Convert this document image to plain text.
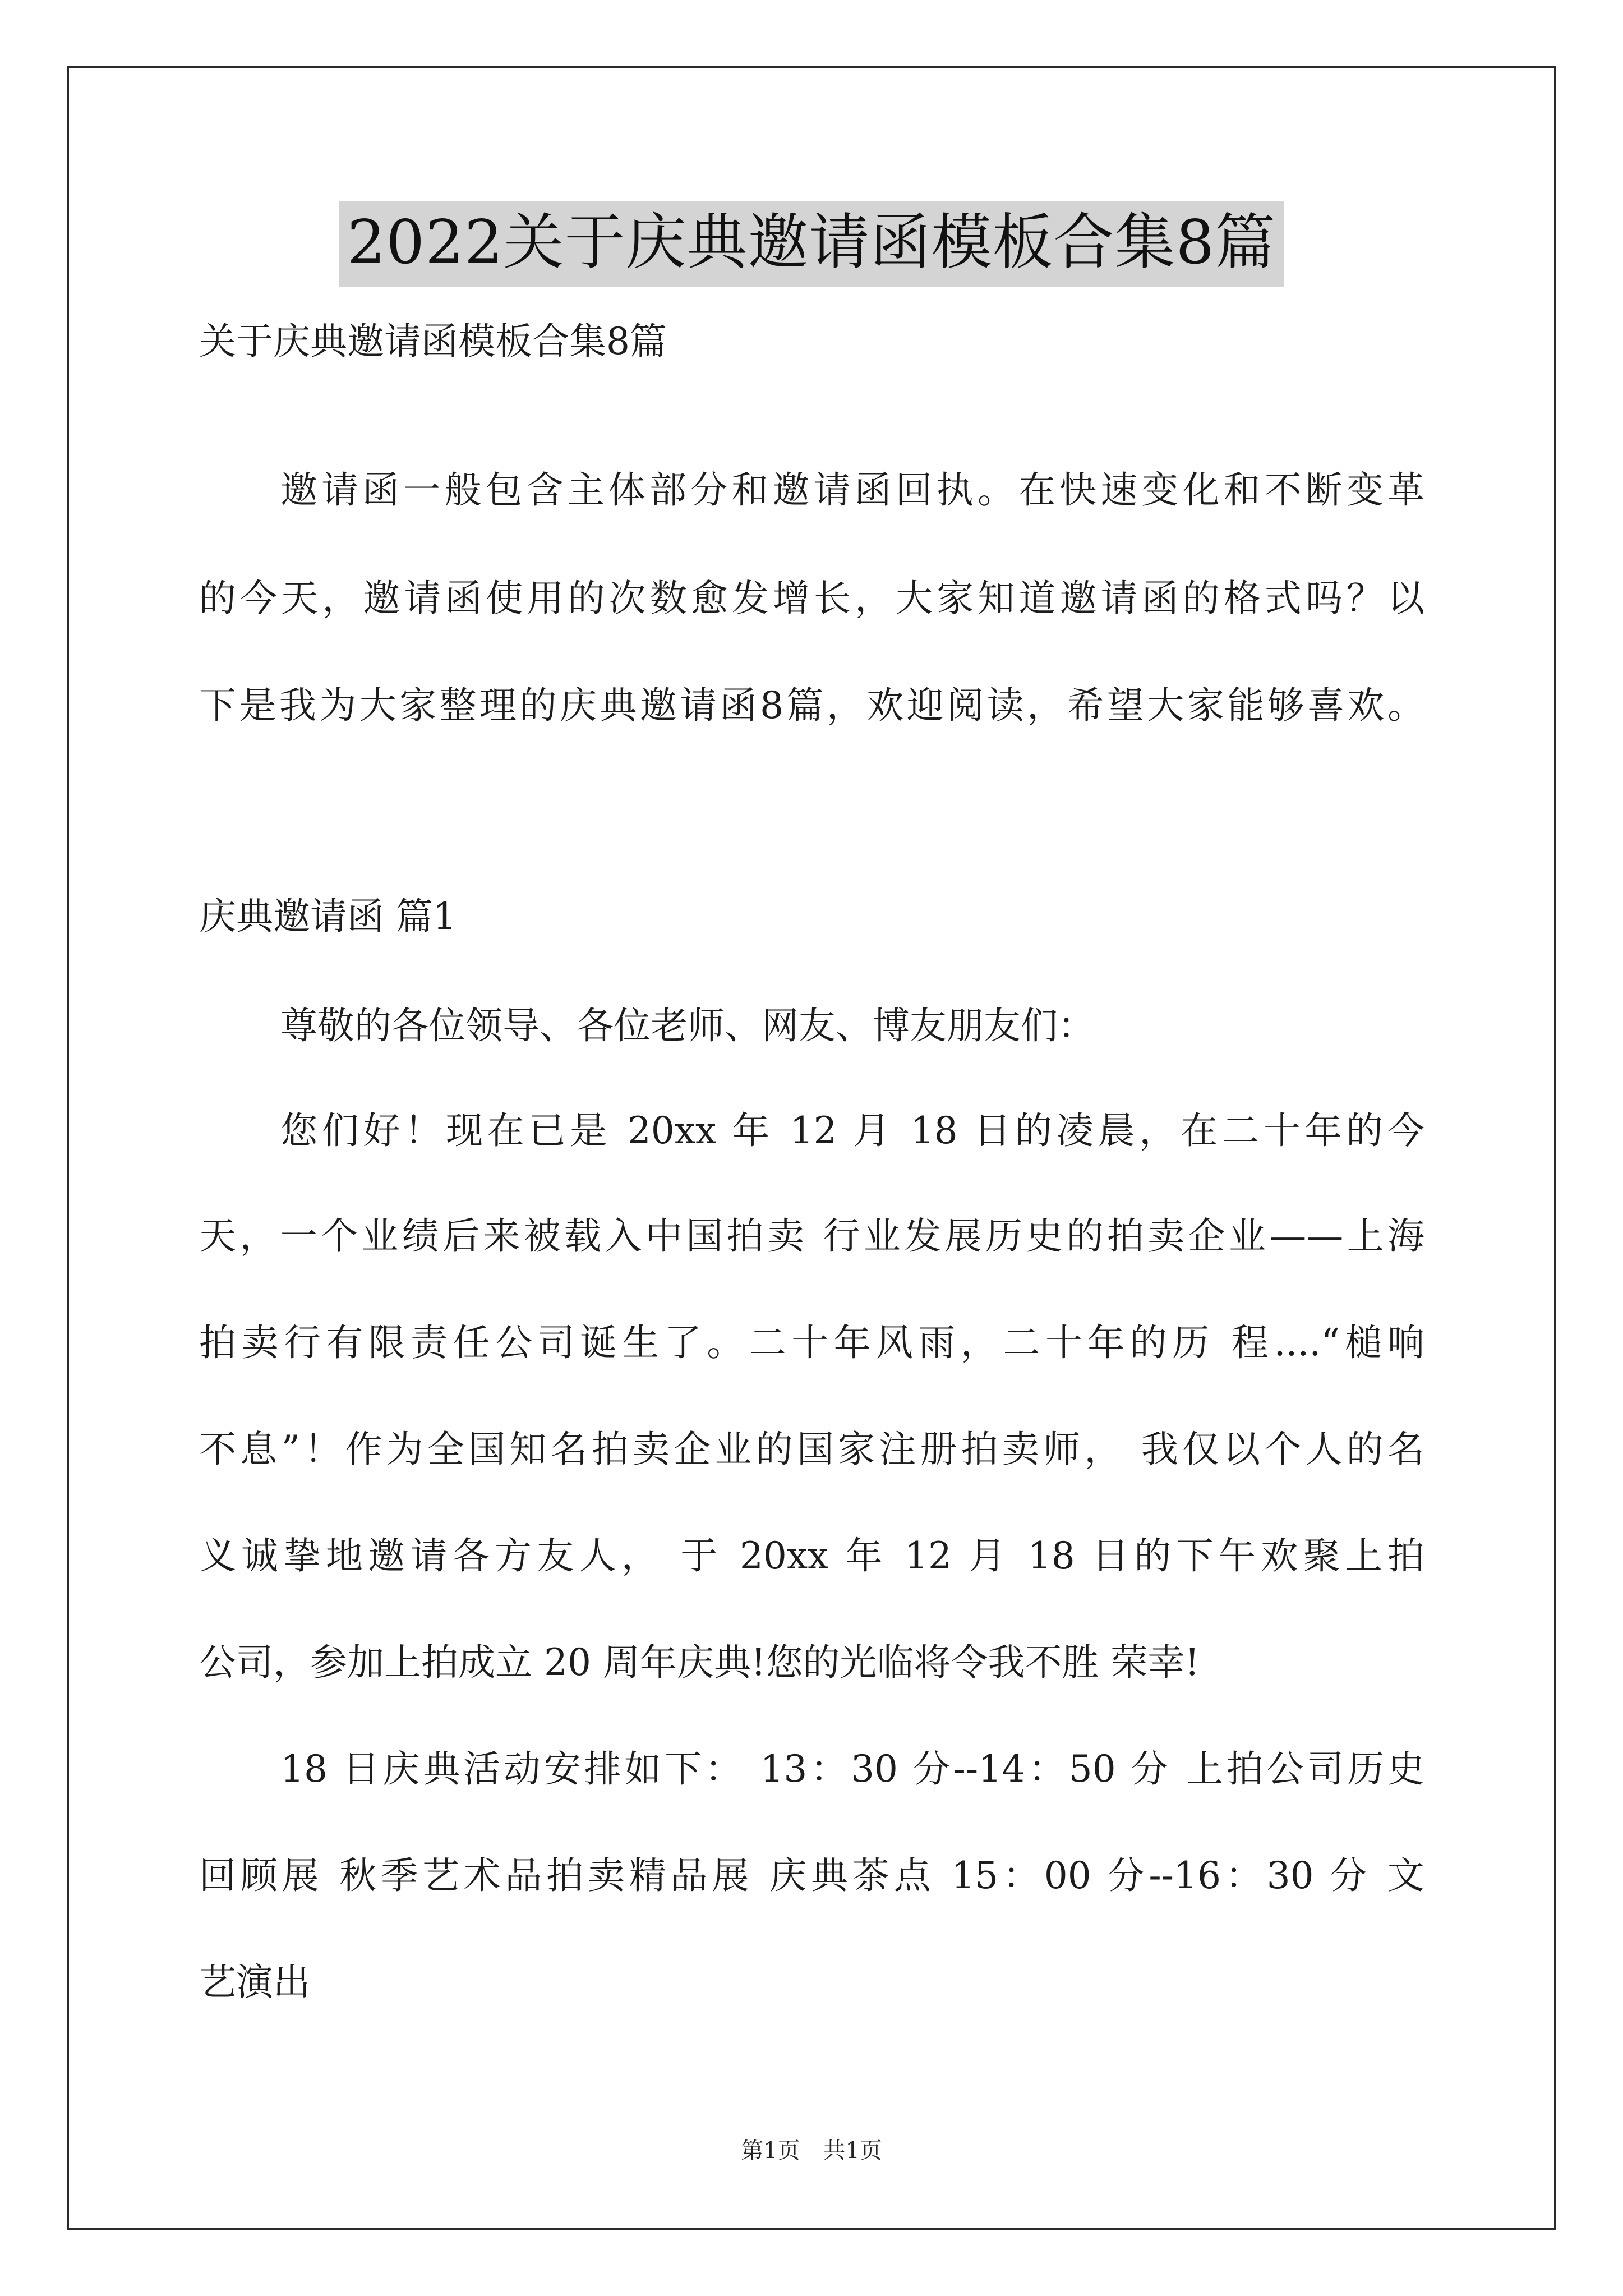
2022关于庆典邀请函模板合集8篇
关于庆典邀请函模板合集8篇
邀请函一般包含主体部分和邀请函回执。在快速变化和不断变革
的今天，邀请函使用的次数愈发增长，大家知道邀请函的格式吗？以
下是我为大家整理的庆典邀请函8篇，欢迎阅读，希望大家能够喜欢。
庆典邀请函 篇1
尊敬的各位领导、各位老师、网友、博友朋友们：
您们好！现在已是 20xx 年 12 月 18 日的凌晨，在二十年的今
天，一个业绩后来被载入中国拍卖 行业发展历史的拍卖企业——上海
拍卖行有限责任公司诞生了。二十年风雨，二十年的历 程....“槌响
不息”！作为全国知名拍卖企业的国家注册拍卖师， 我仅以个人的名
义诚挚地邀请各方友人， 于 20xx 年 12 月 18 日的下午欢聚上拍
公司，参加上拍成立 20 周年庆典!您的光临将令我不胜 荣幸!
18 日庆典活动安排如下： 13：30 分--14：50 分 上拍公司历史
回顾展 秋季艺术品拍卖精品展 庆典茶点 15：00 分--16：30 分 文
艺演出
第1页 共1页
